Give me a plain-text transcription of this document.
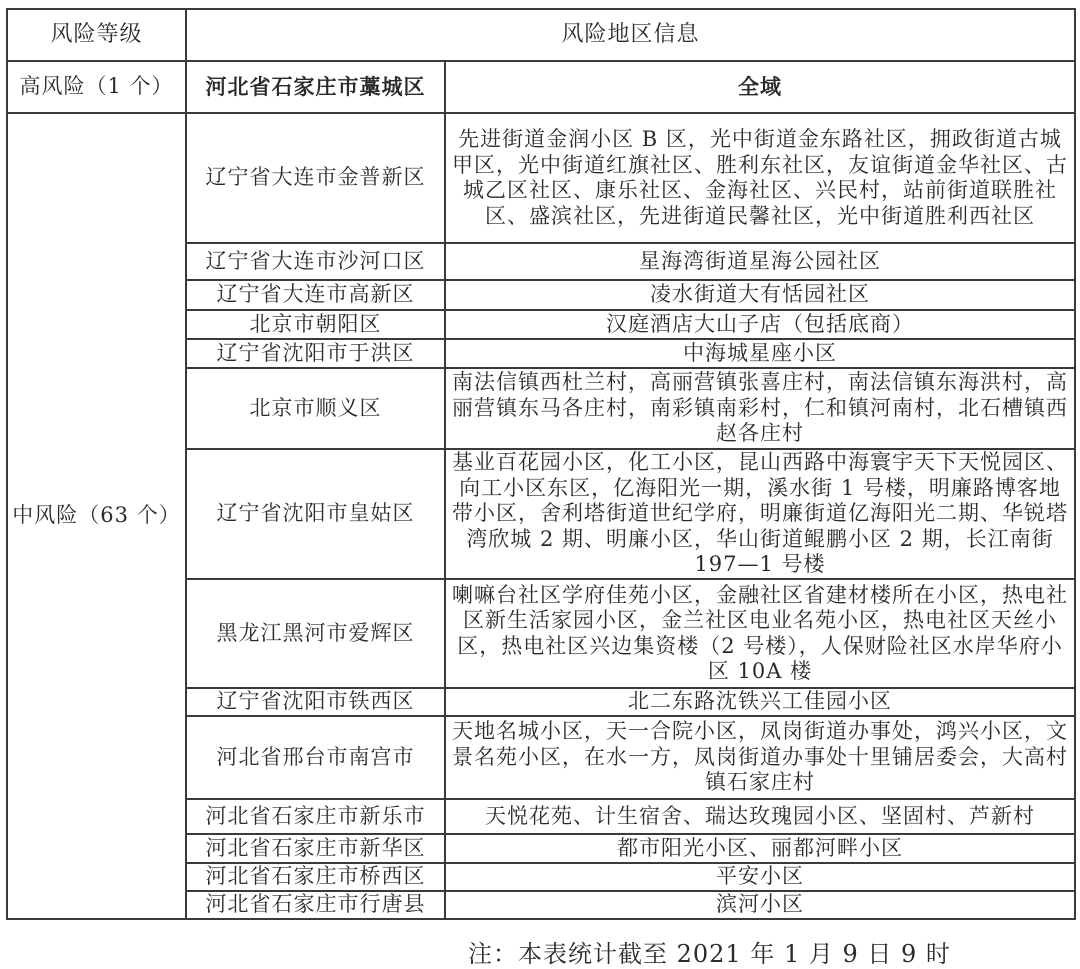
风险等级	风险地区信息	
高风险（1 个）	河北省石家庄市藁城区	全域
中风险（63 个）	辽宁省大连市金普新区	先进街道金润小区 B 区，光中街道金东路社区，拥政街道古城甲区，光中街道红旗社区、胜利东社区，友谊街道金华社区、古城乙区社区、康乐社区、金海社区、兴民村，站前街道联胜社区、盛滨社区，先进街道民馨社区，光中街道胜利西社区
	辽宁省大连市沙河口区	星海湾街道星海公园社区
	辽宁省大连市高新区	凌水街道大有恬园社区
	北京市朝阳区	汉庭酒店大山子店（包括底商）
	辽宁省沈阳市于洪区	中海城星座小区
	北京市顺义区	南法信镇西杜兰村，高丽营镇张喜庄村，南法信镇东海洪村，高丽营镇东马各庄村，南彩镇南彩村，仁和镇河南村，北石槽镇西赵各庄村
	辽宁省沈阳市皇姑区	基业百花园小区，化工小区，昆山西路中海寰宇天下天悦园区、向工小区东区，亿海阳光一期，溪水街 1 号楼，明廉路博客地带小区，舍利塔街道世纪学府，明廉街道亿海阳光二期、华锐塔湾欣城 2 期、明廉小区，华山街道鲲鹏小区 2 期，长江南街 197—1 号楼
	黑龙江黑河市爱辉区	喇嘛台社区学府佳苑小区，金融社区省建材楼所在小区，热电社区新生活家园小区，金兰社区电业名苑小区，热电社区天丝小区，热电社区兴边集资楼（2 号楼），人保财险社区水岸华府小区 10A 楼
	辽宁省沈阳市铁西区	北二东路沈铁兴工佳园小区
	河北省邢台市南宫市	天地名城小区，天一合院小区，凤岗街道办事处，鸿兴小区，文景名苑小区，在水一方，凤岗街道办事处十里铺居委会，大高村镇石家庄村
	河北省石家庄市新乐市	天悦花苑、计生宿舍、瑞达玫瑰园小区、坚固村、芦新村
	河北省石家庄市新华区	都市阳光小区、丽都河畔小区
	河北省石家庄市桥西区	平安小区
	河北省石家庄市行唐县	滨河小区
注：本表统计截至 2021 年 1 月 9 日 9 时
